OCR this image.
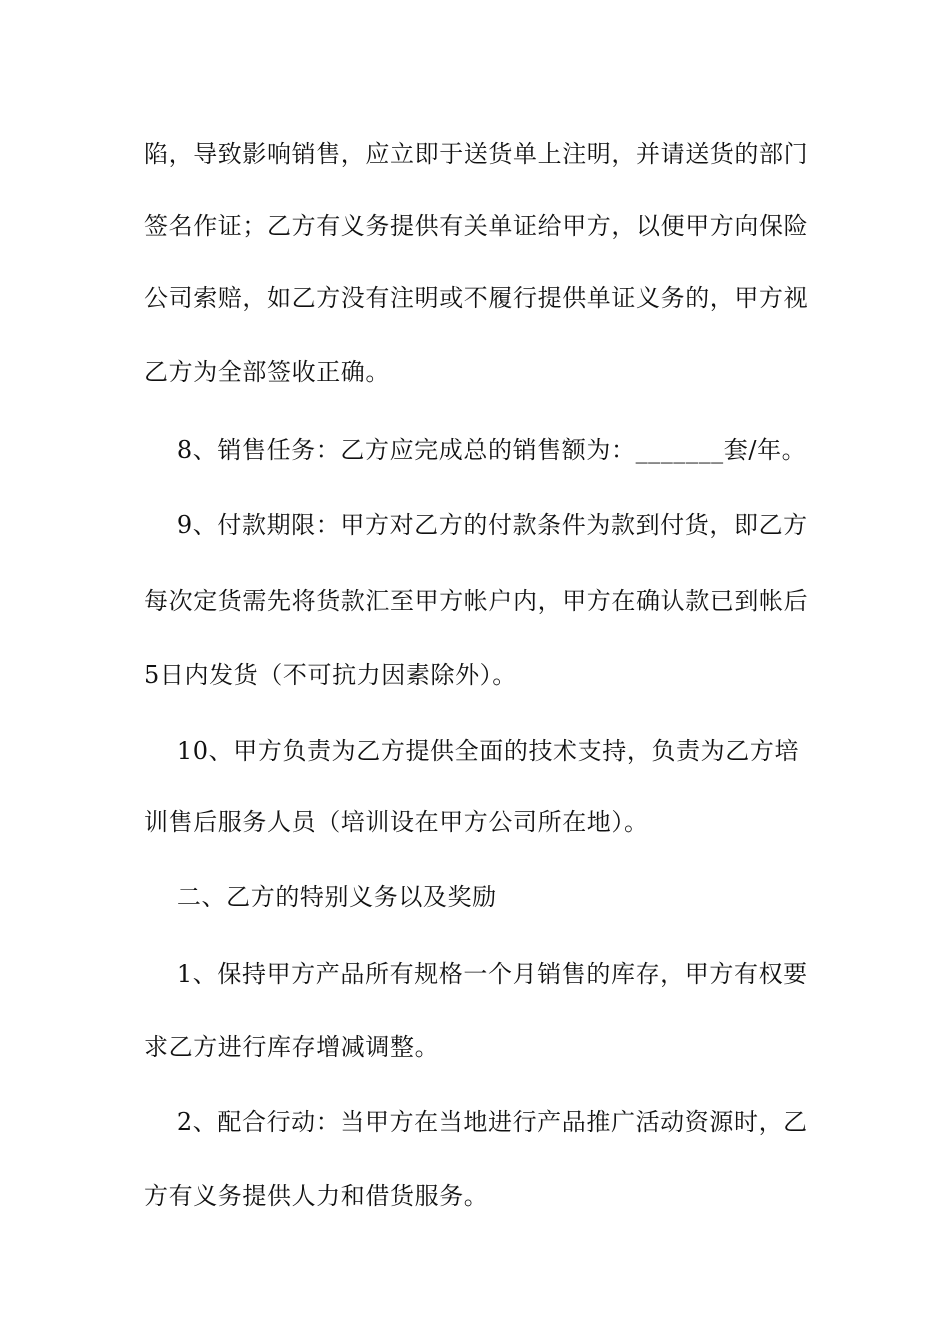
陷，导致影响销售，应立即于送货单上注明，并请送货的部门
签名作证；乙方有义务提供有关单证给甲方，以便甲方向保险
公司索赔，如乙方没有注明或不履行提供单证义务的，甲方视
乙方为全部签收正确。
8、销售任务：乙方应完成总的销售额为：_______套/年。
9、付款期限：甲方对乙方的付款条件为款到付货，即乙方
每次定货需先将货款汇至甲方帐户内，甲方在确认款已到帐后
5日内发货（不可抗力因素除外）。
10、甲方负责为乙方提供全面的技术支持，负责为乙方培
训售后服务人员（培训设在甲方公司所在地）。
二、乙方的特别义务以及奖励
1、保持甲方产品所有规格一个月销售的库存，甲方有权要
求乙方进行库存增减调整。
2、配合行动：当甲方在当地进行产品推广活动资源时，乙
方有义务提供人力和借货服务。
